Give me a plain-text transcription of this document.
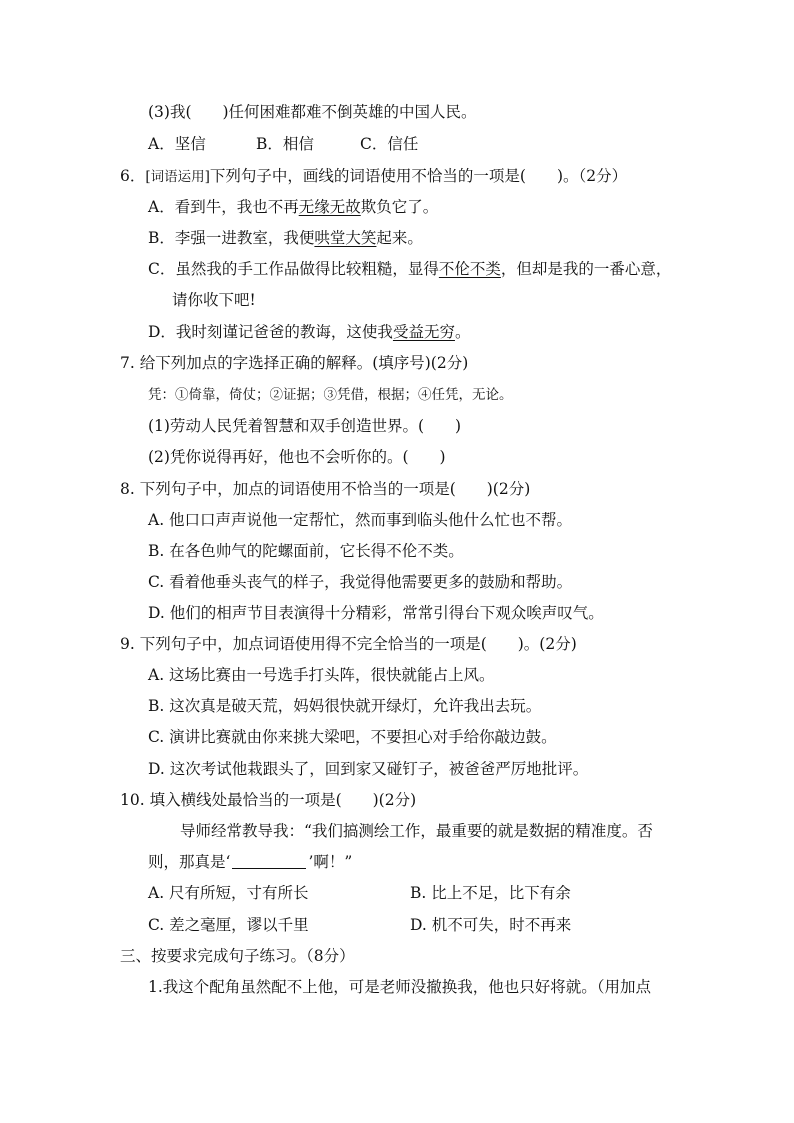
(3)我(　　)任何困难都难不倒英雄的中国人民。
A．坚信	B．相信	C．信任
6．[词语运用]下列句子中，画线的词语使用不恰当的一项是(　　)。（2分）
A．看到牛，我也不再无缘无故欺负它了。
B．李强一进教室，我便哄堂大笑起来。
C．虽然我的手工作品做得比较粗糙，显得不伦不类，但却是我的一番心意，
请你收下吧!
D．我时刻谨记爸爸的教诲，这使我受益无穷。
7. 给下列加点的字选择正确的解释。(填序号)(2分)
凭：①倚靠，倚仗；②证据；③凭借，根据；④任凭，无论。
(1)劳动人民凭着智慧和双手创造世界。(　　)
(2)凭你说得再好，他也不会听你的。(　　)
8. 下列句子中，加点的词语使用不恰当的一项是(　　)(2分)
A. 他口口声声说他一定帮忙，然而事到临头他什么忙也不帮。
B. 在各色帅气的陀螺面前，它长得不伦不类。
C. 看着他垂头丧气的样子，我觉得他需要更多的鼓励和帮助。
D. 他们的相声节目表演得十分精彩，常常引得台下观众唉声叹气。
9. 下列句子中，加点词语使用得不完全恰当的一项是(　　)。(2分)
A. 这场比赛由一号选手打头阵，很快就能占上风。
B. 这次真是破天荒，妈妈很快就开绿灯，允许我出去玩。
C. 演讲比赛就由你来挑大梁吧，不要担心对手给你敲边鼓。
D. 这次考试他栽跟头了，回到家又碰钉子，被爸爸严厉地批评。
10. 填入横线处最恰当的一项是(　　)(2分)
导师经常教导我：“我们搞测绘工作，最重要的就是数据的精准度。否
则，那真是‘	’啊！”
A. 尺有所短，寸有所长	B. 比上不足，比下有余
C. 差之毫厘，谬以千里	D. 机不可失，时不再来
三、按要求完成句子练习。（8分）
1.我这个配角虽然配不上他，可是老师没撤换我，他也只好将就。（用加点
